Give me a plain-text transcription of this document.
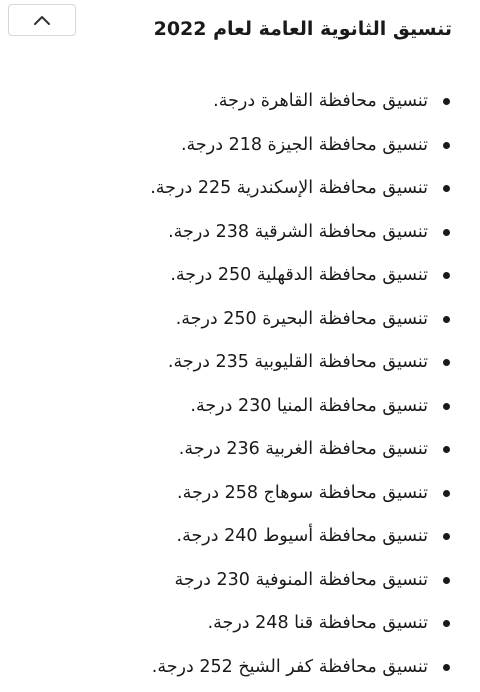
تنسيق الثانوية العامة لعام 2022
تنسيق محافظة القاهرة درجة.
تنسيق محافظة الجيزة 218 درجة.
تنسيق محافظة الإسكندرية 225 درجة.
تنسيق محافظة الشرقية 238 درجة.
تنسيق محافظة الدقهلية 250 درجة.
تنسيق محافظة البحيرة 250 درجة.
تنسيق محافظة القليوبية 235 درجة.
تنسيق محافظة المنيا 230 درجة.
تنسيق محافظة الغربية 236 درجة.
تنسيق محافظة سوهاج 258 درجة.
تنسيق محافظة أسيوط 240 درجة.
تنسيق محافظة المنوفية 230 درجة
تنسيق محافظة قنا 248 درجة.
تنسيق محافظة كفر الشيخ 252 درجة.
